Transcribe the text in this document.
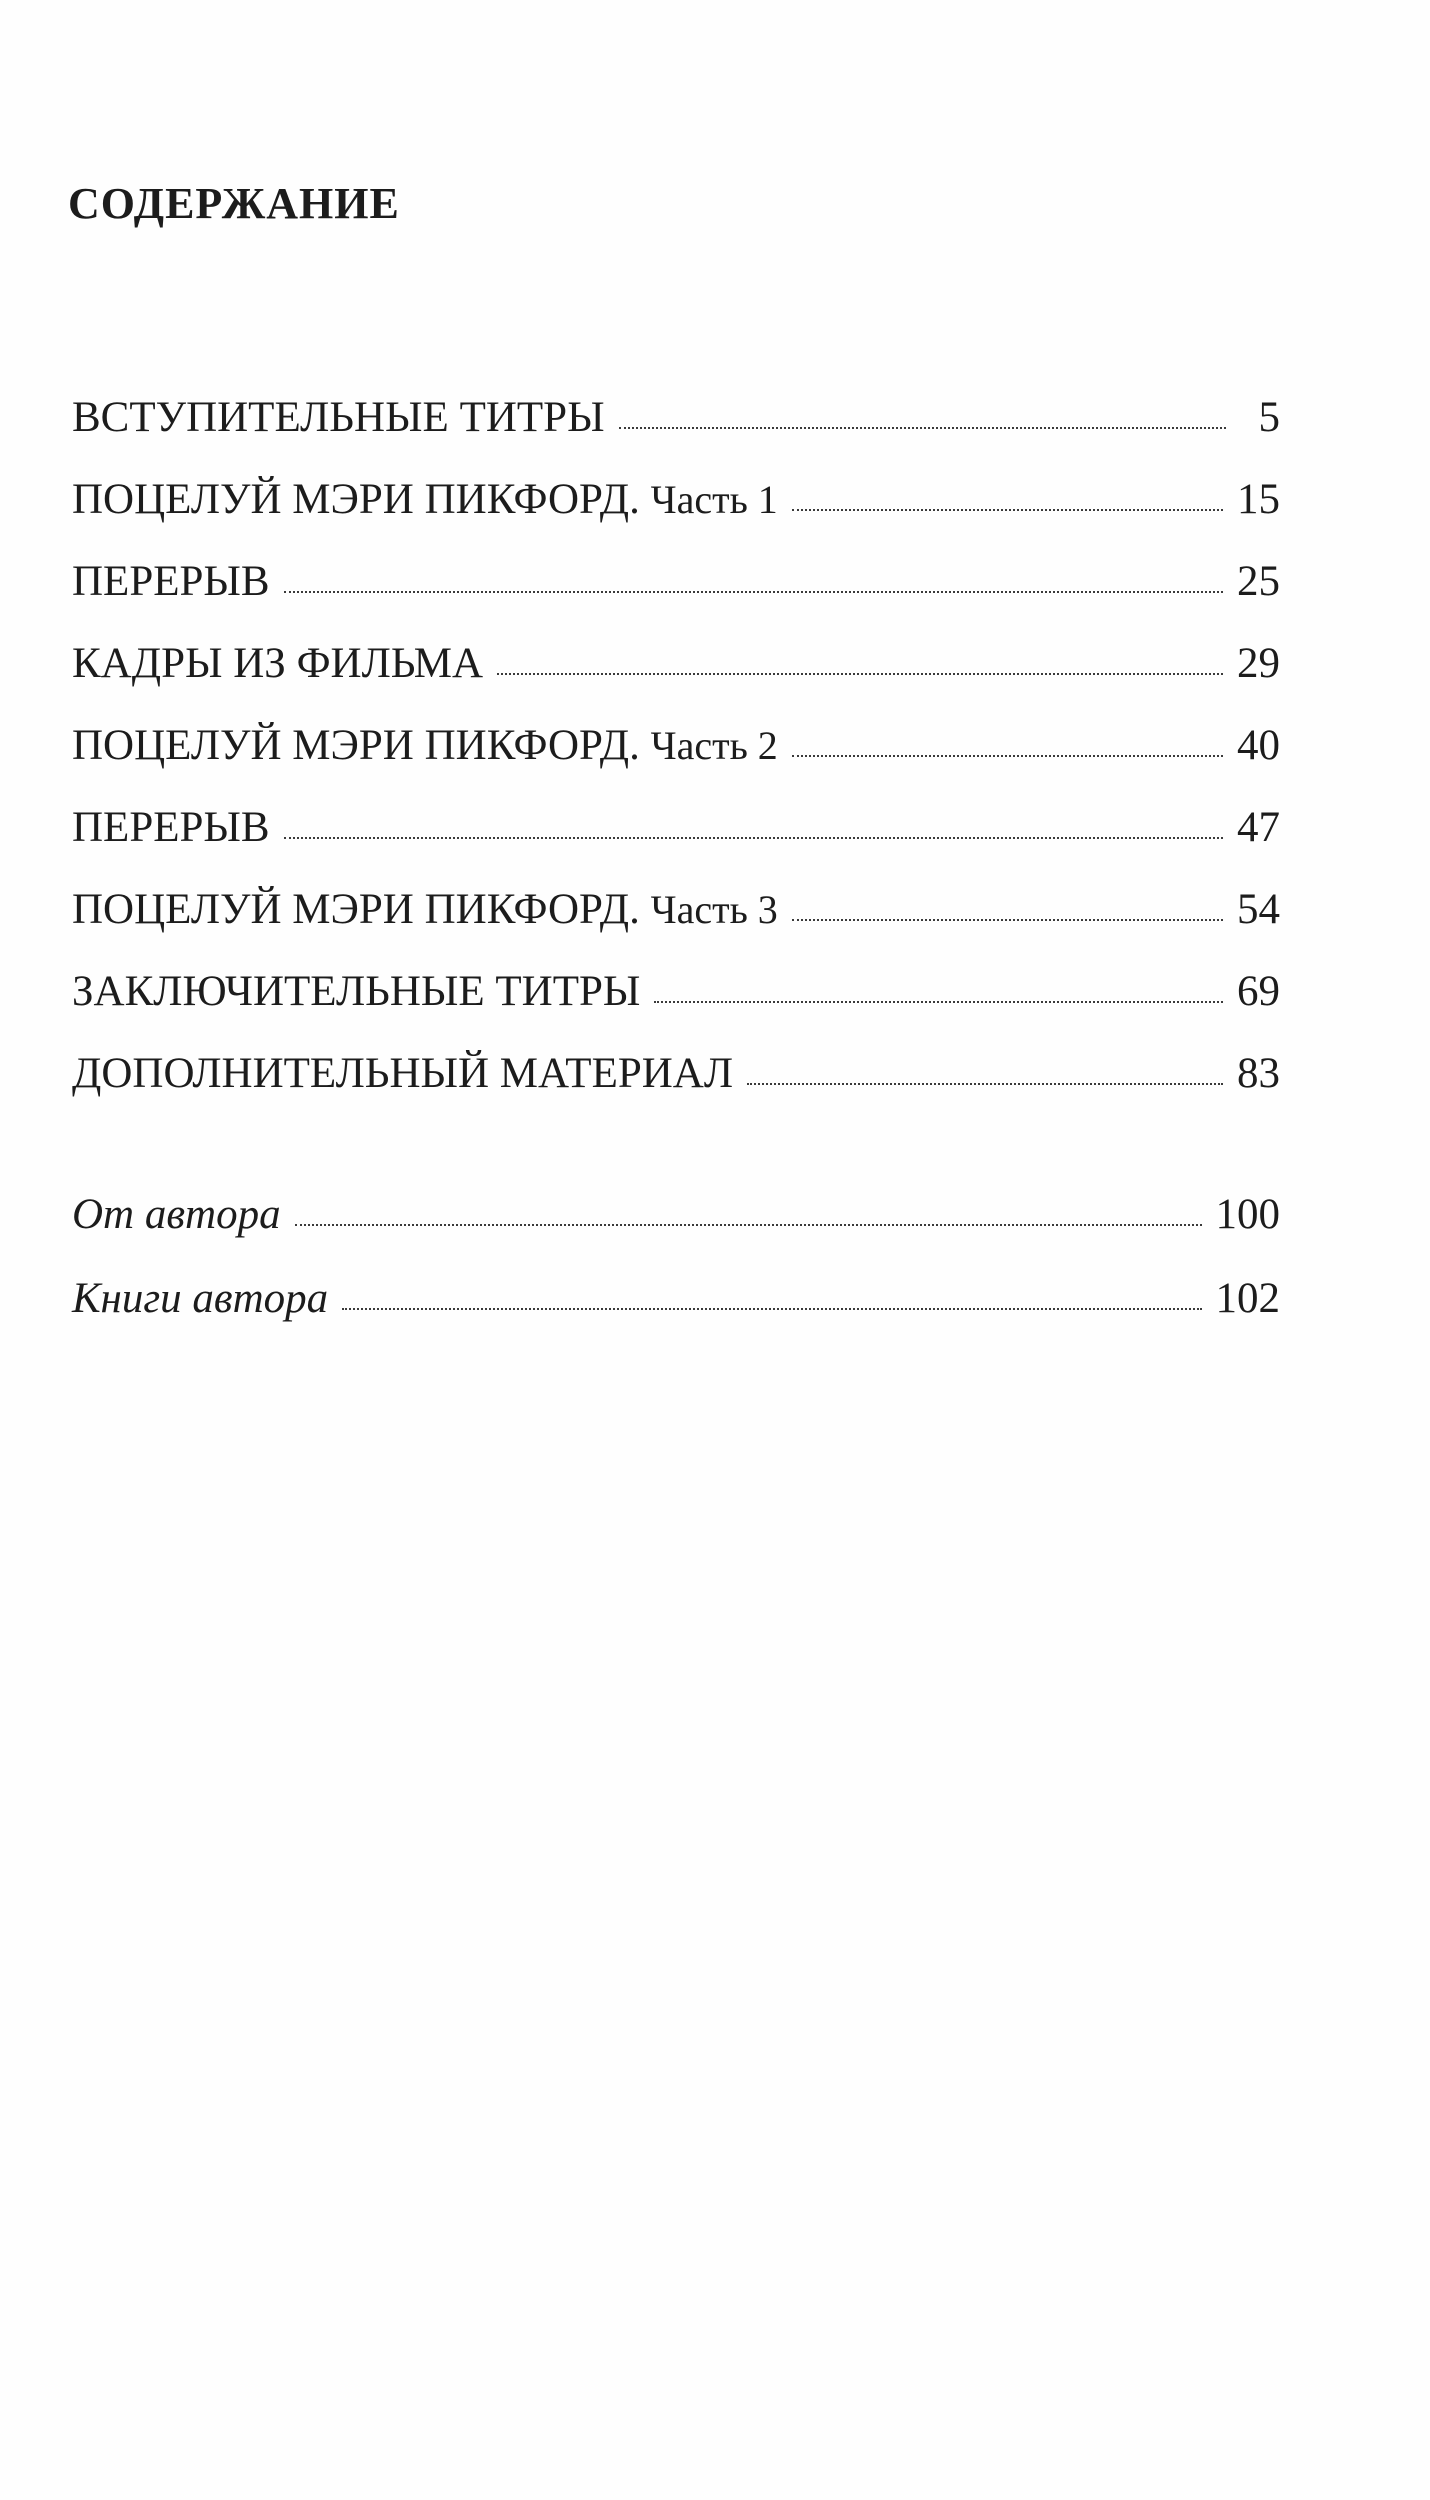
СОДЕРЖАНИЕ
ВСТУПИТЕЛЬНЫЕ ТИТРЫ	5
ПОЦЕЛУЙ МЭРИ ПИКФОРД. Часть 1	15
ПЕРЕРЫВ	25
КАДРЫ ИЗ ФИЛЬМА	29
ПОЦЕЛУЙ МЭРИ ПИКФОРД. Часть 2	40
ПЕРЕРЫВ	47
ПОЦЕЛУЙ МЭРИ ПИКФОРД. Часть 3	54
ЗАКЛЮЧИТЕЛЬНЫЕ ТИТРЫ	69
ДОПОЛНИТЕЛЬНЫЙ МАТЕРИАЛ	83
От автора	100
Книги автора	102
